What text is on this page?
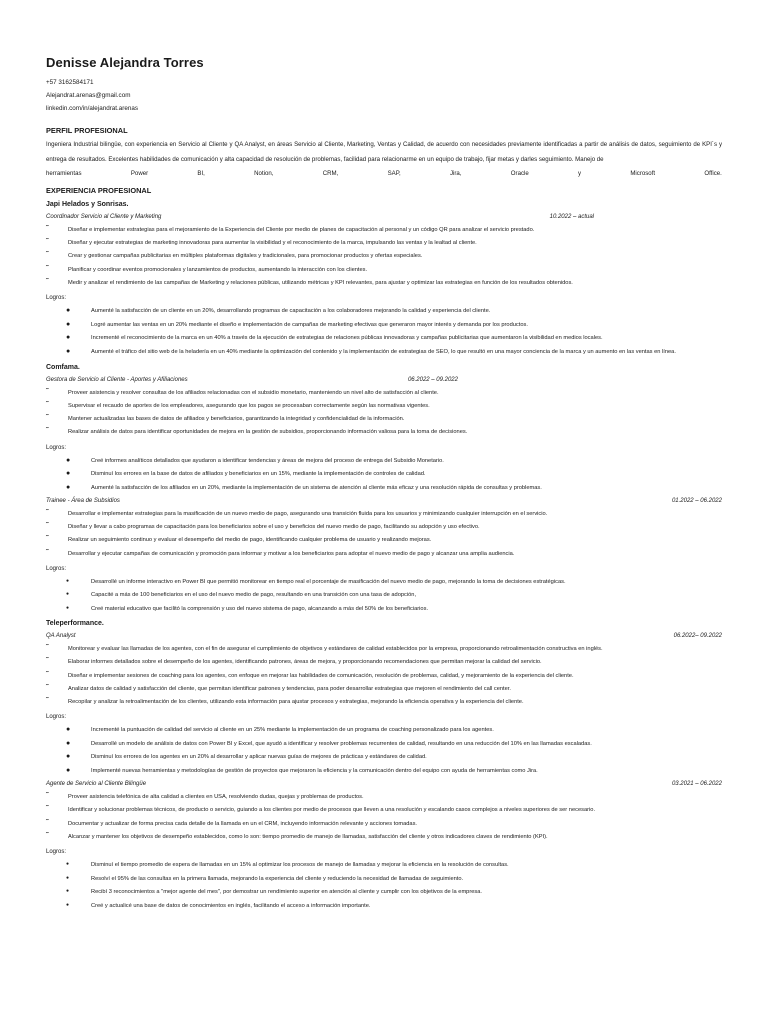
Denisse Alejandra Torres
+57 3162584171
Alejandrat.arenas@gmail.com
linkedin.com/in/alejandrat.arenas
PERFIL PROFESIONAL
Ingeniera Industrial bilingüe, con experiencia en Servicio al Cliente y QA Analyst, en áreas Servicio al Cliente, Marketing, Ventas y Calidad, de acuerdo con necesidades previamente identificadas a partir de análisis de datos, seguimiento de KPI´s y entrega de resultados. Excelentes habilidades de comunicación y alta capacidad de resolución de problemas, facilidad para relacionarme en un equipo de trabajo, fijar metas y darles seguimiento. Manejo de
herramientas	Power	BI,	Notion,	CRM,	SAP,	Jira,	Oracle	y	Microsoft	Office.
EXPERIENCIA PROFESIONAL
Japi Helados y Sonrisas.
Coordinador Servicio al Cliente y Marketing	10.2022 – actual
˜	Diseñar e implementar estrategias para el mejoramiento de la Experiencia del Cliente por medio de planes de capacitación al personal y un código QR para analizar el servicio prestado.
˜	Diseñar y ejecutar estrategias de marketing innovadoras para aumentar la visibilidad y el reconocimiento de la marca, impulsando las ventas y la lealtad al cliente.
˜	Crear y gestionar campañas publicitarias en múltiples plataformas digitales y tradicionales, para promocionar productos y ofertas especiales.
˜	Planificar y coordinar eventos promocionales y lanzamientos de productos, aumentando la interacción con los clientes.
˜	Medir y analizar el rendimiento de las campañas de Marketing y relaciones públicas, utilizando métricas y KPI relevantes, para ajustar y optimizar las estrategias en función de los resultados obtenidos.
Logros:
●	Aumenté la satisfacción de un cliente en un 20%, desarrollando programas de capacitación a los colaboradores mejorando la calidad y experiencia del cliente.
●	Logré aumentar las ventas en un 20% mediante el diseño e implementación de campañas de marketing efectivas que generaron mayor interés y demanda por los productos.
●	Incrementé el reconocimiento de la marca en un 40% a través de la ejecución de estrategias de relaciones públicas innovadoras y campañas publicitarias que aumentaron la visibilidad en medios locales.
●	Aumenté el tráfico del sitio web de la heladería en un 40% mediante la optimización del contenido y la implementación de estrategias de SEO, lo que resultó en una mayor conciencia de la marca y un aumento en las ventas en línea.
Comfama.
Gestora de Servicio al Cliente - Aportes y Afiliaciones	06.2022 – 09.2022
˜	Proveer asistencia y resolver consultas de los afiliados relacionadas con el subsidio monetario, manteniendo un nivel alto de satisfacción al cliente.
˜	Supervisar el recaudo de aportes de los empleadores, asegurando que los pagos se procesaban correctamente según las normativas vigentes.
˜	Mantener actualizadas las bases de datos de afiliados y beneficiarios, garantizando la integridad y confidencialidad de la información.
˜	Realizar análisis de datos para identificar oportunidades de mejora en la gestión de subsidios, proporcionando información valiosa para la toma de decisiones.
Logros:
●	Creé informes analíticos detallados que ayudaron a identificar tendencias y áreas de mejora del proceso de entrega del Subsidio Monetario.
●	Disminuí los errores en la base de datos de afiliados y beneficiarios en un 15%, mediante la implementación de controles de calidad.
●	Aumenté la satisfacción de los afiliados en un 20%, mediante la implementación de un sistema de atención al cliente más eficaz y una resolución rápida de consultas y problemas.
Trainee - Área de Subsidios	01.2022 – 06.2022
˜	Desarrollar e implementar estrategias para la masificación de un nuevo medio de pago, asegurando una transición fluida para los usuarios y minimizando cualquier interrupción en el servicio.
˜	Diseñar y llevar a cabo programas de capacitación para los beneficiarios sobre el uso y beneficios del nuevo medio de pago, facilitando su adopción y uso efectivo.
˜	Realizar un seguimiento continuo y evaluar el desempeño del medio de pago, identificando cualquier problema de usuario y realizando mejoras.
˜	Desarrollar y ejecutar campañas de comunicación y promoción para informar y motivar a los beneficiarios para adoptar el nuevo medio de pago y alcanzar una amplia audiencia.
Logros:
●	Desarrollé un informe interactivo en Power BI que permitió monitorear en tiempo real el porcentaje de masificación del nuevo medio de pago, mejorando la toma de decisiones estratégicas.
●	Capacité a más de 100 beneficiarios en el uso del nuevo medio de pago, resultando en una transición con una tasa de adopción,
●	Creé material educativo que facilitó la comprensión y uso del nuevo sistema de pago, alcanzando a más del 50% de los beneficiarios.
Teleperformance.
QA Analyst	06.2022– 09.2022
˜	Monitorear y evaluar las llamadas de los agentes, con el fin de asegurar el cumplimiento de objetivos y estándares de calidad establecidos por la empresa, proporcionando retroalimentación constructiva en inglés.
˜	Elaborar informes detallados sobre el desempeño de los agentes, identificando patrones, áreas de mejora, y proporcionando recomendaciones que permitan mejorar la calidad del servicio.
˜	Diseñar e implementar sesiones de coaching para los agentes, con enfoque en mejorar las habilidades de comunicación, resolución de problemas, calidad, y mejoramiento de la experiencia del cliente.
˜	Analizar datos de calidad y satisfacción del cliente, que permitan identificar patrones y tendencias, para poder desarrollar estrategias que mejoren el rendimiento del call center.
˜	Recopilar y analizar la retroalimentación de los clientes, utilizando esta información para ajustar procesos y estrategias, mejorando la eficiencia operativa y la experiencia del cliente.
Logros:
●	Incrementé la puntuación de calidad del servicio al cliente en un 25% mediante la implementación de un programa de coaching personalizado para los agentes.
●	Desarrollé un modelo de análisis de datos con Power BI y Excel, que ayudó a identificar y resolver problemas recurrentes de calidad, resultando en una reducción del 10% en las llamadas escaladas.
●	Disminuí los errores de los agentes en un 20% al desarrollar y aplicar nuevas guías de mejores de prácticas y estándares de calidad.
●	Implementé nuevas herramientas y metodologías de gestión de proyectos que mejoraron la eficiencia y la comunicación dentro del equipo con ayuda de herramientas como Jira.
Agente de Servicio al Cliente Bilingüe	03.2021 – 06.2022
˜	Proveer asistencia telefónica de alta calidad a clientes en USA, resolviendo dudas, quejas y problemas de productos.
˜	Identificar y solucionar problemas técnicos, de producto o servicio, guiando a los clientes por medio de procesos que lleven a una resolución y escalando casos complejos a niveles superiores de ser necesario.
˜	Documentar y actualizar de forma precisa cada detalle de la llamada en un el CRM, incluyendo información relevante y acciones tomadas.
˜	Alcanzar y mantener los objetivos de desempeño establecidos, como lo son: tiempo promedio de manejo de llamadas, satisfacción del cliente y otros indicadores claves de rendimiento (KPI).
Logros:
●	Disminuí el tiempo promedio de espera de llamadas en un 15% al optimizar los procesos de manejo de llamadas y mejorar la eficiencia en la resolución de consultas.
●	Resolví el 95% de las consultas en la primera llamada, mejorando la experiencia del cliente y reduciendo la necesidad de llamadas de seguimiento.
●	Recibí 3 reconocimientos a "mejor agente del mes", por demostrar un rendimiento superior en atención al cliente y cumplir con los objetivos de la empresa.
●	Creé y actualicé una base de datos de conocimientos en inglés, facilitando el acceso a información importante.
